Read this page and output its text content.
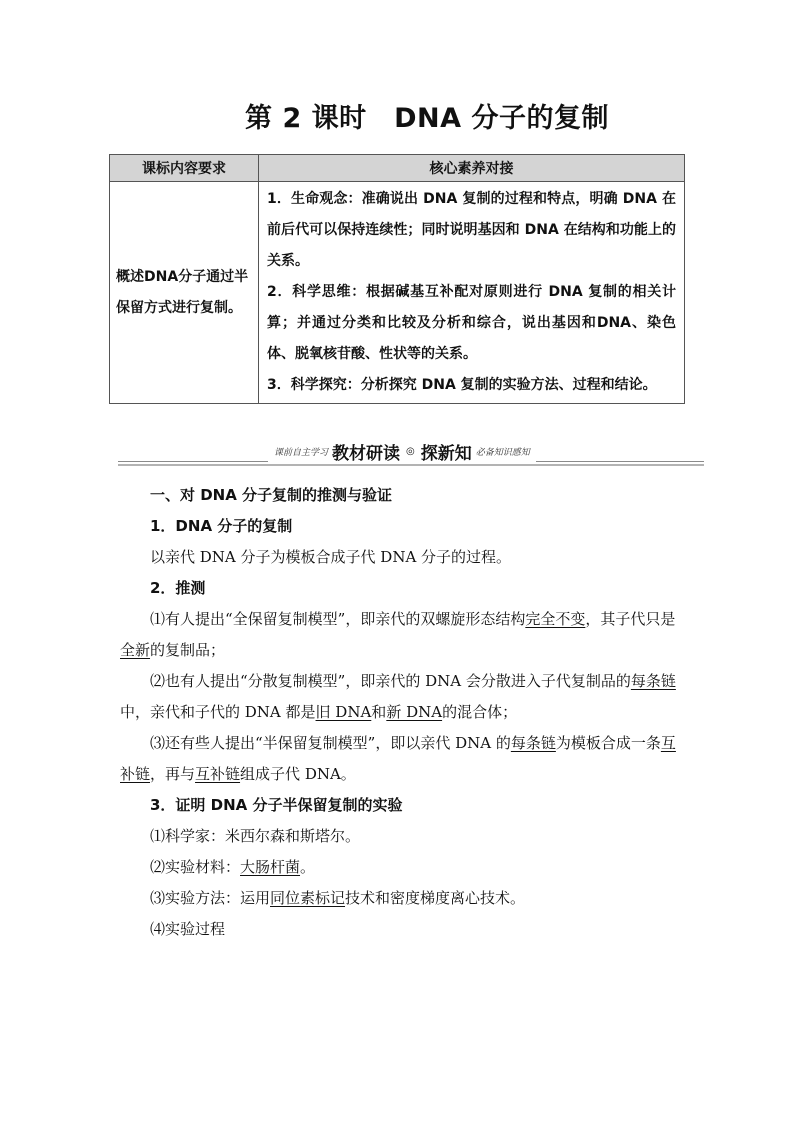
第 2 课时　DNA 分子的复制
课标内容要求	核心素养对接
概述DNA分子通过半保留方式进行复制。	1．生命观念：准确说出 DNA 复制的过程和特点，明确 DNA 在前后代可以保持连续性；同时说明基因和 DNA 在结构和功能上的关系。
2．科学思维：根据碱基互补配对原则进行 DNA 复制的相关计算；并通过分类和比较及分析和综合，说出基因和DNA、染色体、脱氧核苷酸、性状等的关系。
3．科学探究：分析探究 DNA 复制的实验方法、过程和结论。
课前自主学习 教材研读 ◎ 探新知 必备知识感知

一、对 DNA 分子复制的推测与验证

1．DNA 分子的复制

以亲代 DNA 分子为模板合成子代 DNA 分子的过程。

2．推测

⑴有人提出“全保留复制模型”，即亲代的双螺旋形态结构完全不变，其子代只是全新的复制品；

⑵也有人提出“分散复制模型”，即亲代的 DNA 会分散进入子代复制品的每条链中，亲代和子代的 DNA 都是旧 DNA和新 DNA的混合体；

⑶还有些人提出“半保留复制模型”，即以亲代 DNA 的每条链为模板合成一条互补链，再与互补链组成子代 DNA。

3．证明 DNA 分子半保留复制的实验

⑴科学家：米西尔森和斯塔尔。

⑵实验材料：大肠杆菌。

⑶实验方法：运用同位素标记技术和密度梯度离心技术。

⑷实验过程
